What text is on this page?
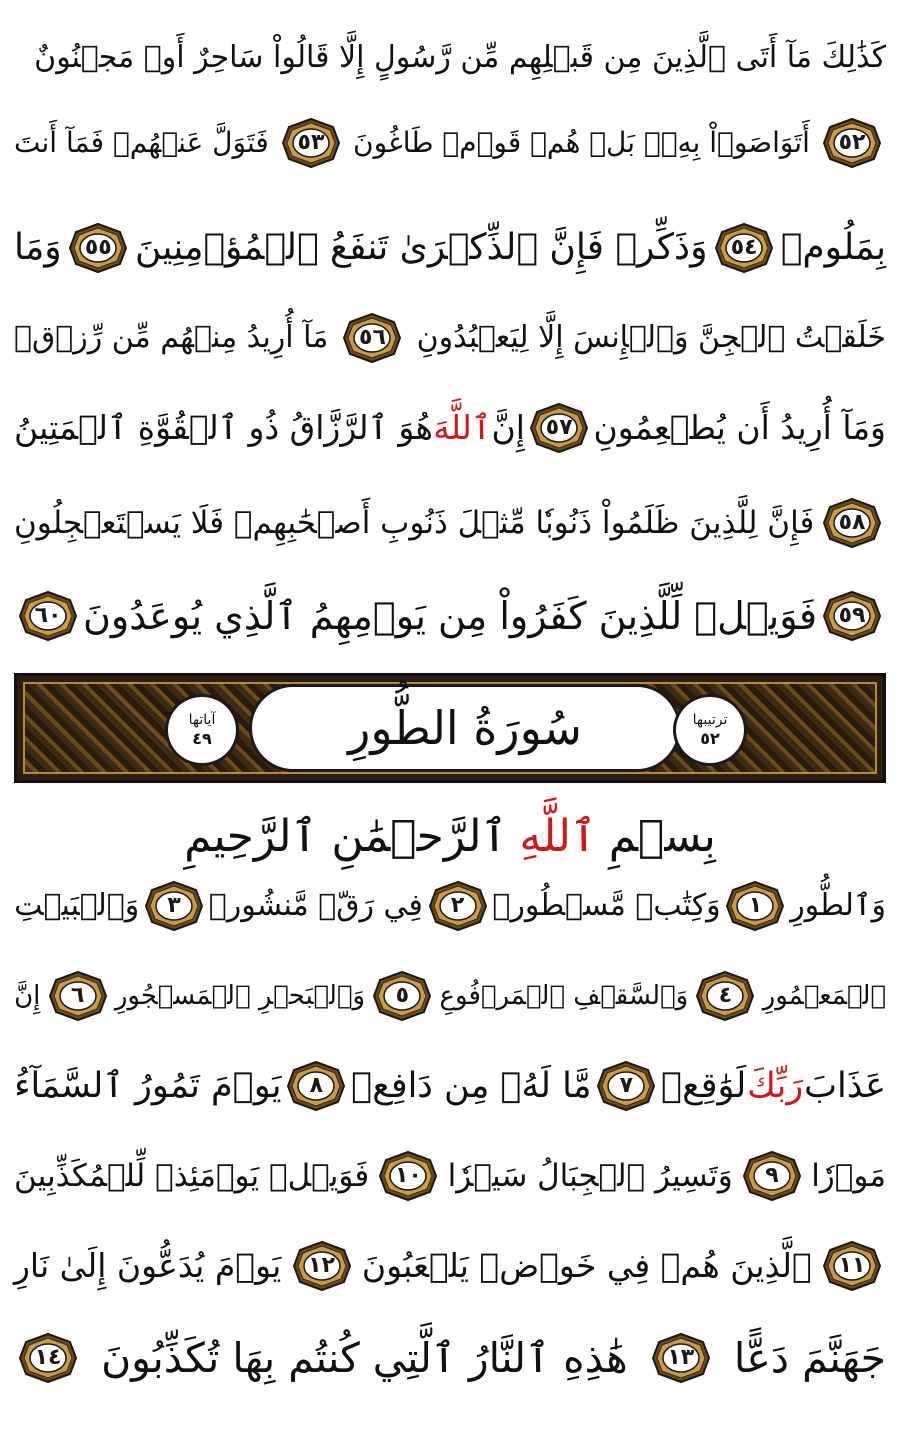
كَذَٰلِكَ مَآ أَتَى ٱلَّذِينَ مِن قَبۡلِهِم مِّن رَّسُولٍ إِلَّا قَالُواْ سَاحِرٌ أَوۡ مَجۡنُونٌ
٥٢
أَتَوَاصَوۡاْ بِهِۦۚ بَلۡ هُمۡ قَوۡمٞ طَاغُونَ
٥٣
فَتَوَلَّ عَنۡهُمۡ فَمَآ أَنتَ
بِمَلُومٖ
٥٤
وَذَكِّرۡ فَإِنَّ ٱلذِّكۡرَىٰ تَنفَعُ ٱلۡمُؤۡمِنِينَ
٥٥
وَمَا
خَلَقۡتُ ٱلۡجِنَّ وَٱلۡإِنسَ إِلَّا لِيَعۡبُدُونِ
٥٦
مَآ أُرِيدُ مِنۡهُم مِّن رِّزۡقٖ
وَمَآ أُرِيدُ أَن يُطۡعِمُونِ
٥٧
إِنَّ
ٱللَّهَ
هُوَ ٱلرَّزَّاقُ ذُو ٱلۡقُوَّةِ ٱلۡمَتِينُ
٥٨
فَإِنَّ لِلَّذِينَ ظَلَمُواْ ذَنُوبٗا مِّثۡلَ ذَنُوبِ أَصۡحَٰبِهِمۡ فَلَا يَسۡتَعۡجِلُونِ
٥٩
فَوَيۡلٞ لِّلَّذِينَ كَفَرُواْ مِن يَوۡمِهِمُ ٱلَّذِي يُوعَدُونَ
٦٠
آياتها
٤٩	سُورَةُ الطُّورِ	ترتيبها
٥٢
بِسۡمِ
ٱللَّهِ
ٱلرَّحۡمَٰنِ ٱلرَّحِيمِ
وَٱلطُّورِ
١
وَكِتَٰبٖ مَّسۡطُورٖ
٢
فِي رَقّٖ مَّنشُورٖ
٣
وَٱلۡبَيۡتِ
ٱلۡمَعۡمُورِ
٤
وَٱلسَّقۡفِ ٱلۡمَرۡفُوعِ
٥
وَٱلۡبَحۡرِ ٱلۡمَسۡجُورِ
٦
إِنَّ
عَذَابَ
رَبِّكَ
لَوَٰقِعٞ
٧
مَّا لَهُۥ مِن دَافِعٖ
٨
يَوۡمَ تَمُورُ ٱلسَّمَآءُ
مَوۡرٗا
٩
وَتَسِيرُ ٱلۡجِبَالُ سَيۡرٗا
١٠
فَوَيۡلٞ يَوۡمَئِذٖ لِّلۡمُكَذِّبِينَ
١١
ٱلَّذِينَ هُمۡ فِي خَوۡضٖ يَلۡعَبُونَ
١٢
يَوۡمَ يُدَعُّونَ إِلَىٰ نَارِ
جَهَنَّمَ دَعًّا
١٣
هَٰذِهِ ٱلنَّارُ ٱلَّتِي كُنتُم بِهَا تُكَذِّبُونَ
١٤
